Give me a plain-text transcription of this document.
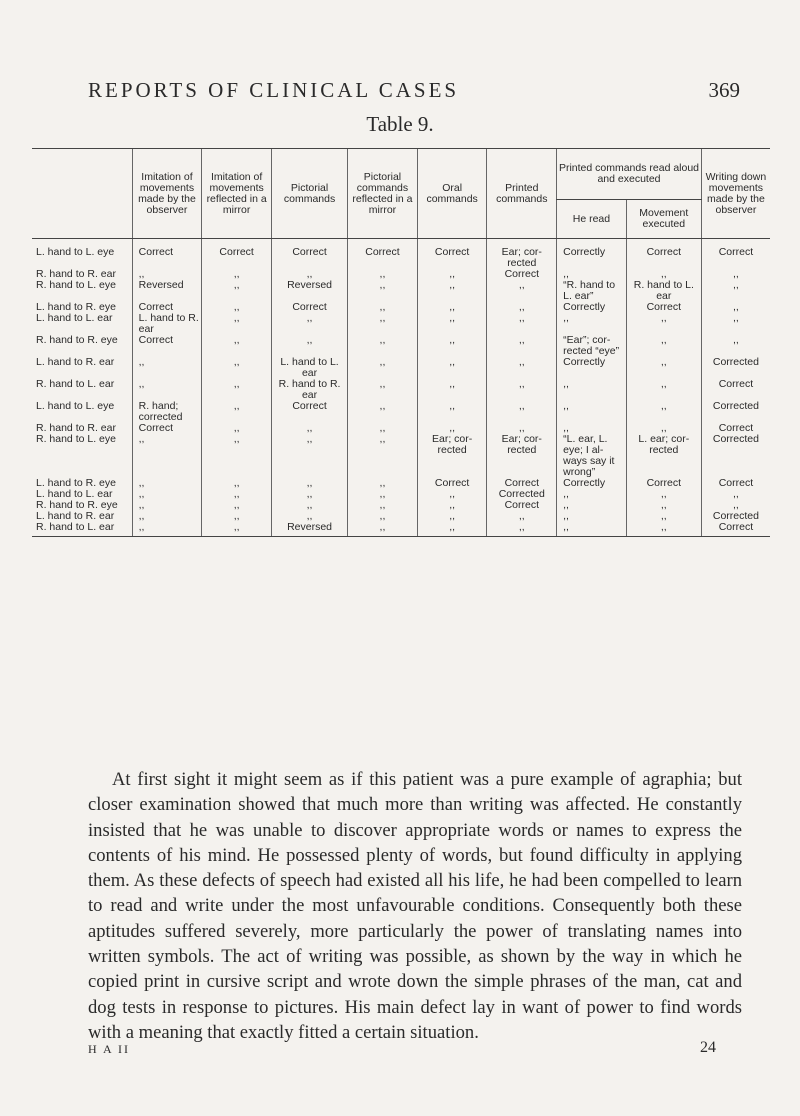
REPORTS OF CLINICAL CASES	369
Table 9.
	Imitation of movements made by the observer	Imitation of movements reflected in a mirror	Pictorial commands	Pictorial commands reflected in a mirror	Oral commands	Printed commands	Printed commands read aloud and executed		Writing down movements made by the observer
							He read	Movement executed	
L. hand to L. eye	Correct	Correct	Correct	Correct	Correct	Ear; cor-rected	Correctly	Correct	Correct
R. hand to R. ear	,,	,,	,,	,,	,,	Correct	,,	,,	,,
R. hand to L. eye	Reversed	,,	Reversed	,,	,,	,,	“R. hand to L. ear”	R. hand to L. ear	,,
L. hand to R. eye	Correct	,,	Correct	,,	,,	,,	Correctly	Correct	,,
L. hand to L. ear	L. hand to R. ear	,,	,,	,,	,,	,,	,,	,,	,,
R. hand to R. eye	Correct	,,	,,	,,	,,	,,	“Ear”; cor-rected “eye”	,,	,,
L. hand to R. ear	,,	,,	L. hand to L. ear	,,	,,	,,	Correctly	,,	Corrected
R. hand to L. ear	,,	,,	R. hand to R. ear	,,	,,	,,	,,	,,	Correct
L. hand to L. eye	R. hand; corrected	,,	Correct	,,	,,	,,	,,	,,	Corrected
R. hand to R. ear	Correct	,,	,,	,,	,,	,,	,,	,,	Correct
R. hand to L. eye	,,	,,	,,	,,	Ear; cor-rected	Ear; cor-rected	“L. ear, L. eye; I al-ways say it wrong”	L. ear; cor-rected	Corrected
L. hand to R. eye	,,	,,	,,	,,	Correct	Correct	Correctly	Correct	Correct
L. hand to L. ear	,,	,,	,,	,,	,,	Corrected	,,	,,	,,
R. hand to R. eye	,,	,,	,,	,,	,,	Correct	,,	,,	,,
L. hand to R. ear	,,	,,	,,	,,	,,	,,	,,	,,	Corrected
R. hand to L. ear	,,	,,	Reversed	,,	,,	,,	,,	,,	Correct

At first sight it might seem as if this patient was a pure example of agraphia; but closer examination showed that much more than writing was affected. He constantly insisted that he was unable to discover appropriate words or names to express the contents of his mind. He possessed plenty of words, but found difficulty in applying them. As these defects of speech had existed all his life, he had been compelled to learn to read and write under the most unfavourable conditions. Consequently both these aptitudes suffered severely, more particularly the power of translating names into written symbols. The act of writing was possible, as shown by the way in which he copied print in cursive script and wrote down the simple phrases of the man, cat and dog tests in response to pictures. His main defect lay in want of power to find words with a meaning that exactly fitted a certain situation.

H A II	24
